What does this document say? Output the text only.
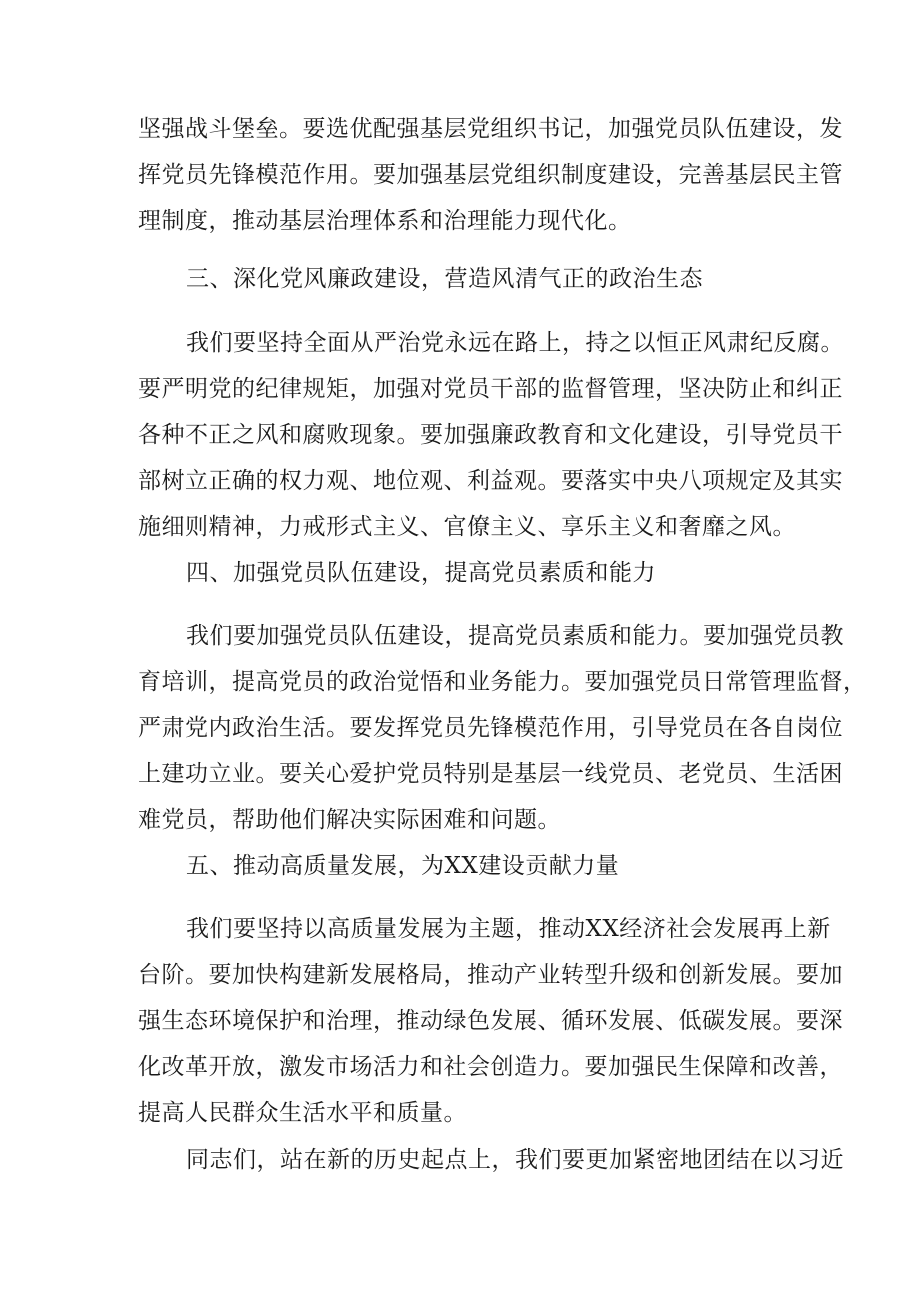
坚强战斗堡垒。要选优配强基层党组织书记，加强党员队伍建设，发
挥党员先锋模范作用。要加强基层党组织制度建设，完善基层民主管
理制度，推动基层治理体系和治理能力现代化。
三、深化党风廉政建设，营造风清气正的政治生态
我们要坚持全面从严治党永远在路上，持之以恒正风肃纪反腐。
要严明党的纪律规矩，加强对党员干部的监督管理，坚决防止和纠正
各种不正之风和腐败现象。要加强廉政教育和文化建设，引导党员干
部树立正确的权力观、地位观、利益观。要落实中央八项规定及其实
施细则精神，力戒形式主义、官僚主义、享乐主义和奢靡之风。
四、加强党员队伍建设，提高党员素质和能力
我们要加强党员队伍建设，提高党员素质和能力。要加强党员教
育培训，提高党员的政治觉悟和业务能力。要加强党员日常管理监督，
严肃党内政治生活。要发挥党员先锋模范作用，引导党员在各自岗位
上建功立业。要关心爱护党员特别是基层一线党员、老党员、生活困
难党员，帮助他们解决实际困难和问题。
五、推动高质量发展，为XX建设贡献力量
我们要坚持以高质量发展为主题，推动XX经济社会发展再上新
台阶。要加快构建新发展格局，推动产业转型升级和创新发展。要加
强生态环境保护和治理，推动绿色发展、循环发展、低碳发展。要深
化改革开放，激发市场活力和社会创造力。要加强民生保障和改善，
提高人民群众生活水平和质量。
同志们，站在新的历史起点上，我们要更加紧密地团结在以习近
